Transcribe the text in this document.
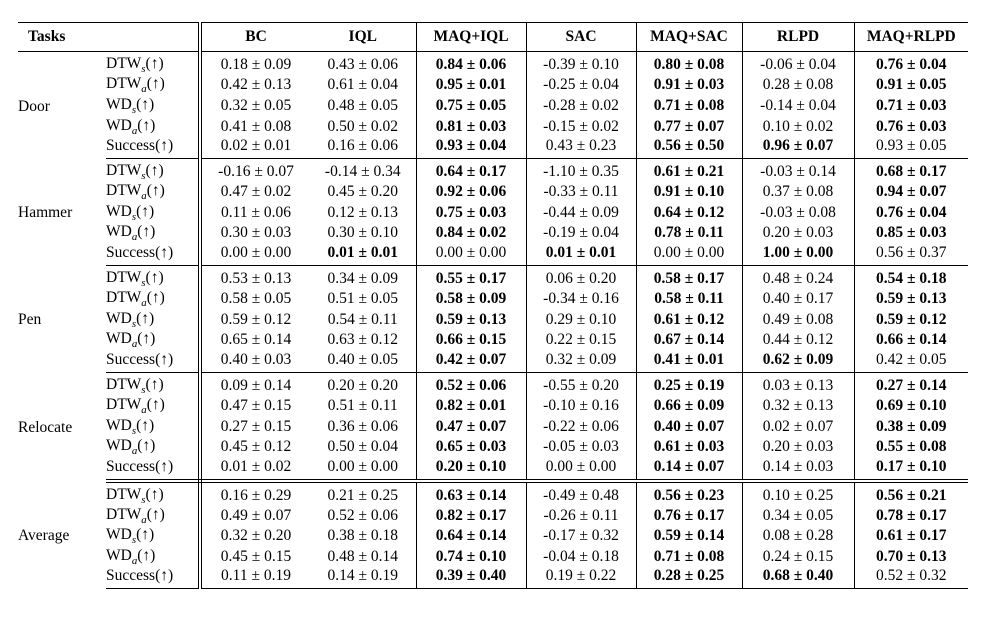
Tasks		BC	IQL	MAQ+IQL	SAC	MAQ+SAC	RLPD	MAQ+RLPD
Door	$DTW_s(↑)$	0.18 ± 0.09	0.43 ± 0.06	0.84 ± 0.06	-0.39 ± 0.10	0.80 ± 0.08	-0.06 ± 0.04	0.76 ± 0.04
	$DTW_a(↑)$	0.42 ± 0.13	0.61 ± 0.04	0.95 ± 0.01	-0.25 ± 0.04	0.91 ± 0.03	0.28 ± 0.08	0.91 ± 0.05
	$WD_s(↑)$	0.32 ± 0.05	0.48 ± 0.05	0.75 ± 0.05	-0.28 ± 0.02	0.71 ± 0.08	-0.14 ± 0.04	0.71 ± 0.03
	$WD_a(↑)$	0.41 ± 0.08	0.50 ± 0.02	0.81 ± 0.03	-0.15 ± 0.02	0.77 ± 0.07	0.10 ± 0.02	0.76 ± 0.03
	Success(↑)	0.02 ± 0.01	0.16 ± 0.06	0.93 ± 0.04	0.43 ± 0.23	0.56 ± 0.50	0.96 ± 0.07	0.93 ± 0.05
Hammer	$DTW_s(↑)$	-0.16 ± 0.07	-0.14 ± 0.34	0.64 ± 0.17	-1.10 ± 0.35	0.61 ± 0.21	-0.03 ± 0.14	0.68 ± 0.17
	$DTW_a(↑)$	0.47 ± 0.02	0.45 ± 0.20	0.92 ± 0.06	-0.33 ± 0.11	0.91 ± 0.10	0.37 ± 0.08	0.94 ± 0.07
	$WD_s(↑)$	0.11 ± 0.06	0.12 ± 0.13	0.75 ± 0.03	-0.44 ± 0.09	0.64 ± 0.12	-0.03 ± 0.08	0.76 ± 0.04
	$WD_a(↑)$	0.30 ± 0.03	0.30 ± 0.10	0.84 ± 0.02	-0.19 ± 0.04	0.78 ± 0.11	0.20 ± 0.03	0.85 ± 0.03
	Success(↑)	0.00 ± 0.00	0.01 ± 0.01	0.00 ± 0.00	0.01 ± 0.01	0.00 ± 0.00	1.00 ± 0.00	0.56 ± 0.37
Pen	$DTW_s(↑)$	0.53 ± 0.13	0.34 ± 0.09	0.55 ± 0.17	0.06 ± 0.20	0.58 ± 0.17	0.48 ± 0.24	0.54 ± 0.18
	$DTW_a(↑)$	0.58 ± 0.05	0.51 ± 0.05	0.58 ± 0.09	-0.34 ± 0.16	0.58 ± 0.11	0.40 ± 0.17	0.59 ± 0.13
	$WD_s(↑)$	0.59 ± 0.12	0.54 ± 0.11	0.59 ± 0.13	0.29 ± 0.10	0.61 ± 0.12	0.49 ± 0.08	0.59 ± 0.12
	$WD_a(↑)$	0.65 ± 0.14	0.63 ± 0.12	0.66 ± 0.15	0.22 ± 0.15	0.67 ± 0.14	0.44 ± 0.12	0.66 ± 0.14
	Success(↑)	0.40 ± 0.03	0.40 ± 0.05	0.42 ± 0.07	0.32 ± 0.09	0.41 ± 0.01	0.62 ± 0.09	0.42 ± 0.05
Relocate	$DTW_s(↑)$	0.09 ± 0.14	0.20 ± 0.20	0.52 ± 0.06	-0.55 ± 0.20	0.25 ± 0.19	0.03 ± 0.13	0.27 ± 0.14
	$DTW_a(↑)$	0.47 ± 0.15	0.51 ± 0.11	0.82 ± 0.01	-0.10 ± 0.16	0.66 ± 0.09	0.32 ± 0.13	0.69 ± 0.10
	$WD_s(↑)$	0.27 ± 0.15	0.36 ± 0.06	0.47 ± 0.07	-0.22 ± 0.06	0.40 ± 0.07	0.02 ± 0.07	0.38 ± 0.09
	$WD_a(↑)$	0.45 ± 0.12	0.50 ± 0.04	0.65 ± 0.03	-0.05 ± 0.03	0.61 ± 0.03	0.20 ± 0.03	0.55 ± 0.08
	Success(↑)	0.01 ± 0.02	0.00 ± 0.00	0.20 ± 0.10	0.00 ± 0.00	0.14 ± 0.07	0.14 ± 0.03	0.17 ± 0.10
Average	$DTW_s(↑)$	0.16 ± 0.29	0.21 ± 0.25	0.63 ± 0.14	-0.49 ± 0.48	0.56 ± 0.23	0.10 ± 0.25	0.56 ± 0.21
	$DTW_a(↑)$	0.49 ± 0.07	0.52 ± 0.06	0.82 ± 0.17	-0.26 ± 0.11	0.76 ± 0.17	0.34 ± 0.05	0.78 ± 0.17
	$WD_s(↑)$	0.32 ± 0.20	0.38 ± 0.18	0.64 ± 0.14	-0.17 ± 0.32	0.59 ± 0.14	0.08 ± 0.28	0.61 ± 0.17
	$WD_a(↑)$	0.45 ± 0.15	0.48 ± 0.14	0.74 ± 0.10	-0.04 ± 0.18	0.71 ± 0.08	0.24 ± 0.15	0.70 ± 0.13
	Success(↑)	0.11 ± 0.19	0.14 ± 0.19	0.39 ± 0.40	0.19 ± 0.22	0.28 ± 0.25	0.68 ± 0.40	0.52 ± 0.32
